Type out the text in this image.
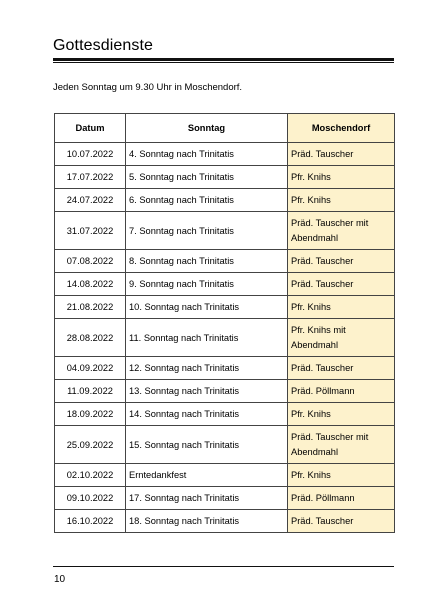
Gottesdienste
Jeden Sonntag um 9.30 Uhr in Moschendorf.
Datum	Sonntag	Moschendorf
10.07.2022	4. Sonntag nach Trinitatis	Präd. Tauscher
17.07.2022	5. Sonntag nach Trinitatis	Pfr. Knihs
24.07.2022	6. Sonntag nach Trinitatis	Pfr. Knihs
31.07.2022	7. Sonntag nach Trinitatis	Präd. Tauscher mit Abendmahl
07.08.2022	8. Sonntag nach Trinitatis	Präd. Tauscher
14.08.2022	9. Sonntag nach Trinitatis	Präd. Tauscher
21.08.2022	10. Sonntag nach Trinitatis	Pfr. Knihs
28.08.2022	11. Sonntag nach Trinitatis	Pfr. Knihs mit Abendmahl
04.09.2022	12. Sonntag nach Trinitatis	Präd. Tauscher
11.09.2022	13. Sonntag nach Trinitatis	Präd. Pöllmann
18.09.2022	14. Sonntag nach Trinitatis	Pfr. Knihs
25.09.2022	15. Sonntag nach Trinitatis	Präd. Tauscher mit Abendmahl
02.10.2022	Erntedankfest	Pfr. Knihs
09.10.2022	17. Sonntag nach Trinitatis	Präd. Pöllmann
16.10.2022	18. Sonntag nach Trinitatis	Präd. Tauscher
10
